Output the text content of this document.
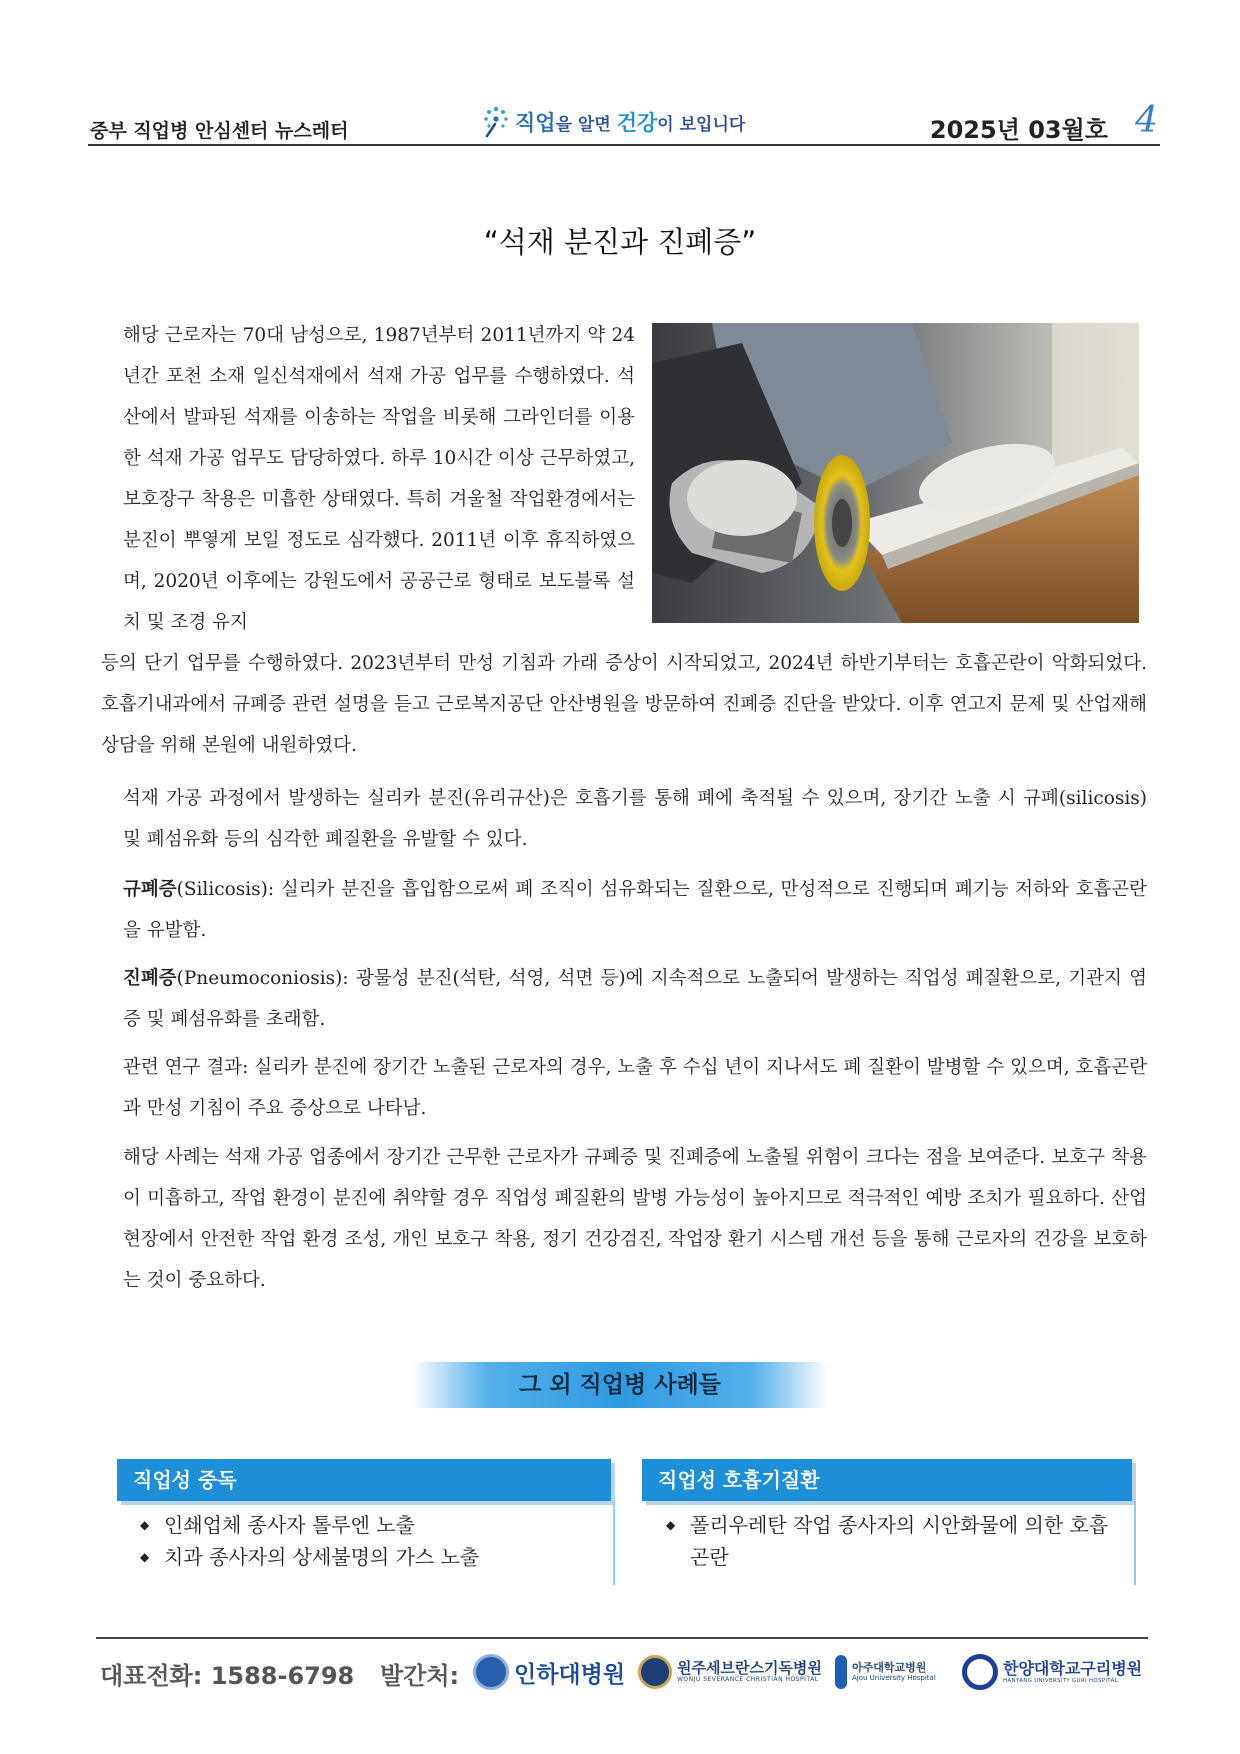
중부 직업병 안심센터 뉴스레터	직업을 알면 건강이 보입니다	2025년 03월호 4
“석재 분진과 진폐증”
해당 근로자는 70대 남성으로, 1987년부터 2011년까지 약 24년간 포천 소재 일신석재에서 석재 가공 업무를 수행하였다. 석산에서 발파된 석재를 이송하는 작업을 비롯해 그라인더를 이용한 석재 가공 업무도 담당하였다. 하루 10시간 이상 근무하였고, 보호장구 착용은 미흡한 상태였다. 특히 겨울철 작업환경에서는 분진이 뿌옇게 보일 정도로 심각했다. 2011년 이후 휴직하였으며, 2020년 이후에는 강원도에서 공공근로 형태로 보도블록 설치 및 조경 유지
등의 단기 업무를 수행하였다. 2023년부터 만성 기침과 가래 증상이 시작되었고, 2024년 하반기부터는 호흡곤란이 악화되었다. 호흡기내과에서 규폐증 관련 설명을 듣고 근로복지공단 안산병원을 방문하여 진폐증 진단을 받았다. 이후 연고지 문제 및 산업재해 상담을 위해 본원에 내원하였다.
석재 가공 과정에서 발생하는 실리카 분진(유리규산)은 호흡기를 통해 폐에 축적될 수 있으며, 장기간 노출 시 규폐(silicosis) 및 폐섬유화 등의 심각한 폐질환을 유발할 수 있다.
규폐증(Silicosis): 실리카 분진을 흡입함으로써 폐 조직이 섬유화되는 질환으로, 만성적으로 진행되며 폐기능 저하와 호흡곤란을 유발함.
진폐증(Pneumoconiosis): 광물성 분진(석탄, 석영, 석면 등)에 지속적으로 노출되어 발생하는 직업성 폐질환으로, 기관지 염증 및 폐섬유화를 초래함.
관련 연구 결과: 실리카 분진에 장기간 노출된 근로자의 경우, 노출 후 수십 년이 지나서도 폐 질환이 발병할 수 있으며, 호흡곤란과 만성 기침이 주요 증상으로 나타남.
해당 사례는 석재 가공 업종에서 장기간 근무한 근로자가 규폐증 및 진폐증에 노출될 위험이 크다는 점을 보여준다. 보호구 착용이 미흡하고, 작업 환경이 분진에 취약할 경우 직업성 폐질환의 발병 가능성이 높아지므로 적극적인 예방 조치가 필요하다. 산업 현장에서 안전한 작업 환경 조성, 개인 보호구 착용, 정기 건강검진, 작업장 환기 시스템 개선 등을 통해 근로자의 건강을 보호하는 것이 중요하다.
그 외 직업병 사례들
직업성 중독
◆ 인쇄업체 종사자 톨루엔 노출
◆ 치과 종사자의 상세불명의 가스 노출
직업성 호흡기질환
◆ 폴리우레탄 작업 종사자의 시안화물에 의한 호흡곤란
대표전화: 1588-6798 발간처: 인하대병원	원주세브란스기독병원
WONJU SEVERANCE CHRISTIAN HOSPITAL
아주대학교병원
Ajou University Hospital
한양대학교구리병원
HANYANG UNIVERSITY GURI HOSPITAL
